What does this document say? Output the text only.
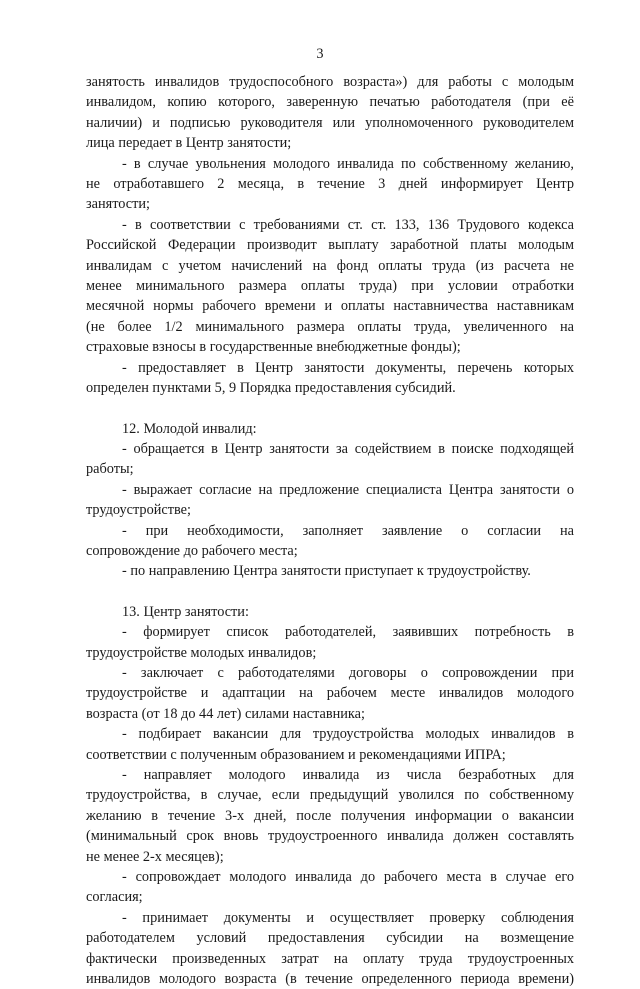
3
занятость инвалидов трудоспособного возраста») для работы с молодым
инвалидом, копию которого, заверенную печатью работодателя (при её
наличии) и подписью руководителя или уполномоченного руководителем
лица передает в Центр занятости;
- в случае увольнения молодого инвалида по собственному желанию,
не отработавшего 2 месяца, в течение 3 дней информирует Центр
занятости;
- в соответствии с требованиями ст. ст. 133, 136 Трудового кодекса
Российской Федерации производит выплату заработной платы молодым
инвалидам с учетом начислений на фонд оплаты труда (из расчета не
менее минимального размера оплаты труда) при условии отработки
месячной нормы рабочего времени и оплаты наставничества наставникам
(не более 1/2 минимального размера оплаты труда, увеличенного на
страховые взносы в государственные внебюджетные фонды);
- предоставляет в Центр занятости документы, перечень которых
определен пунктами 5, 9 Порядка предоставления субсидий.
12. Молодой инвалид:
- обращается в Центр занятости за содействием в поиске подходящей
работы;
- выражает согласие на предложение специалиста Центра занятости о
трудоустройстве;
- при необходимости, заполняет заявление о согласии на
сопровождение до рабочего места;
- по направлению Центра занятости приступает к трудоустройству.
13. Центр занятости:
- формирует список работодателей, заявивших потребность в
трудоустройстве молодых инвалидов;
- заключает с работодателями договоры о сопровождении при
трудоустройстве и адаптации на рабочем месте инвалидов молодого
возраста (от 18 до 44 лет) силами наставника;
- подбирает вакансии для трудоустройства молодых инвалидов в
соответствии с полученным образованием и рекомендациями ИПРА;
- направляет молодого инвалида из числа безработных для
трудоустройства, в случае, если предыдущий уволился по собственному
желанию в течение 3-х дней, после получения информации о вакансии
(минимальный срок вновь трудоустроенного инвалида должен составлять
не менее 2-х месяцев);
- сопровождает молодого инвалида до рабочего места в случае его
согласия;
- принимает документы и осуществляет проверку соблюдения
работодателем условий предоставления субсидии на возмещение
фактически произведенных затрат на оплату труда трудоустроенных
инвалидов молодого возраста (в течение определенного периода времени)
